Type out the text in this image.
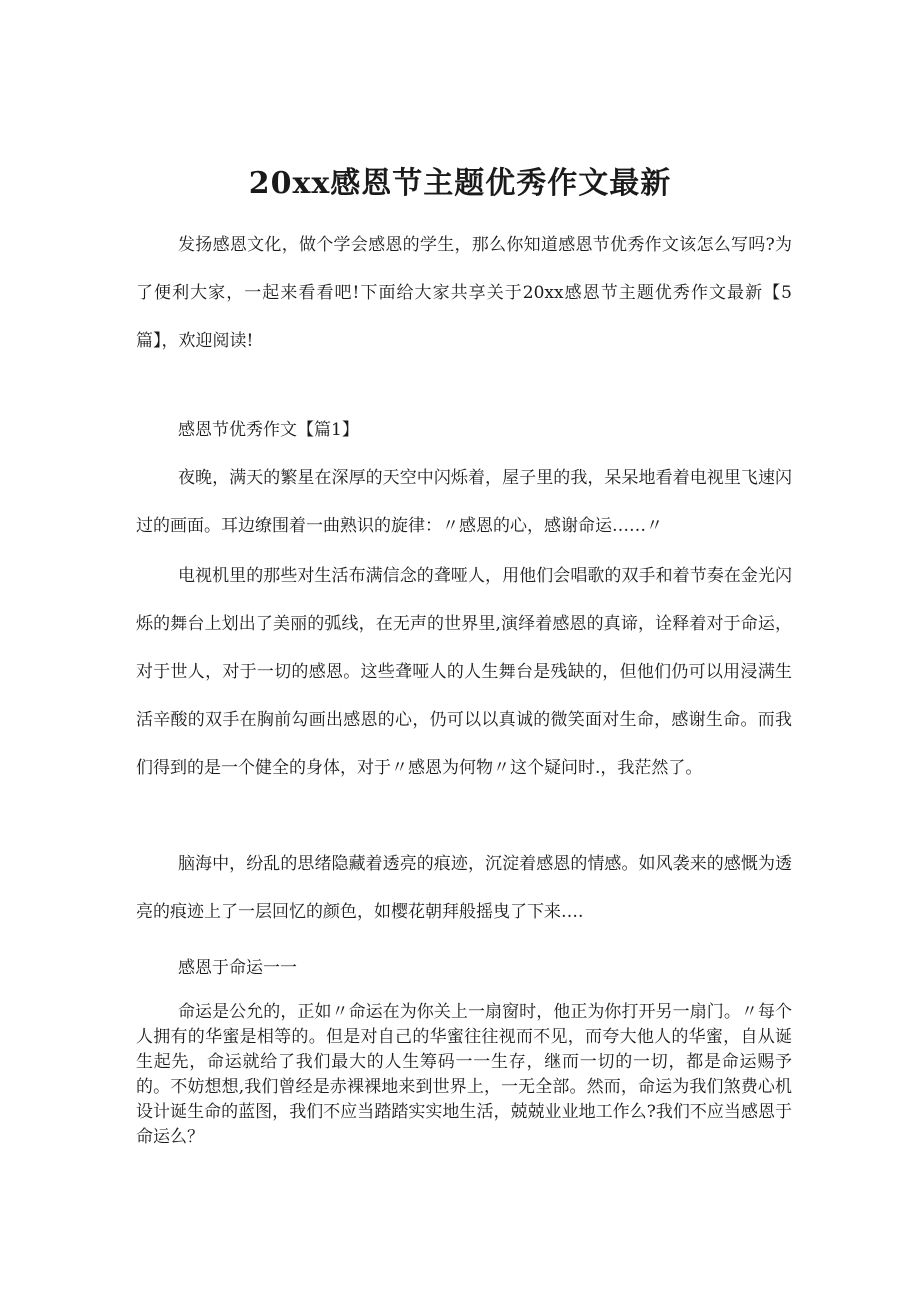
20xx感恩节主题优秀作文最新

发扬感恩文化，做个学会感恩的学生，那么你知道感恩节优秀作文该怎么写吗?为了便利大家，一起来看看吧!下面给大家共享关于20xx感恩节主题优秀作文最新【5篇】，欢迎阅读!

感恩节优秀作文【篇1】

夜晚，满天的繁星在深厚的天空中闪烁着，屋子里的我，呆呆地看着电视里飞速闪过的画面。耳边缭围着一曲熟识的旋律：〃感恩的心，感谢命运……〃

电视机里的那些对生活布满信念的聋哑人，用他们会唱歌的双手和着节奏在金光闪烁的舞台上划出了美丽的弧线，在无声的世界里,演绎着感恩的真谛，诠释着对于命运，对于世人，对于一切的感恩。这些聋哑人的人生舞台是残缺的，但他们仍可以用浸满生活辛酸的双手在胸前勾画出感恩的心，仍可以以真诚的微笑面对生命，感谢生命。而我们得到的是一个健全的身体，对于〃感恩为何物〃这个疑问时.，我茫然了。

脑海中，纷乱的思绪隐藏着透亮的痕迹，沉淀着感恩的情感。如风袭来的感慨为透亮的痕迹上了一层回忆的颜色，如樱花朝拜般摇曳了下来….

感恩于命运一一

命运是公允的，正如〃命运在为你关上一扇窗时，他正为你打开另一扇门。〃每个人拥有的华蜜是相等的。但是对自己的华蜜往往视而不见，而夸大他人的华蜜，自从诞生起先，命运就给了我们最大的人生筹码一一生存，继而一切的一切，都是命运赐予的。不妨想想,我们曾经是赤裸裸地来到世界上，一无全部。然而，命运为我们煞费心机设计诞生命的蓝图，我们不应当踏踏实实地生活，兢兢业业地工作么?我们不应当感恩于命运么？
